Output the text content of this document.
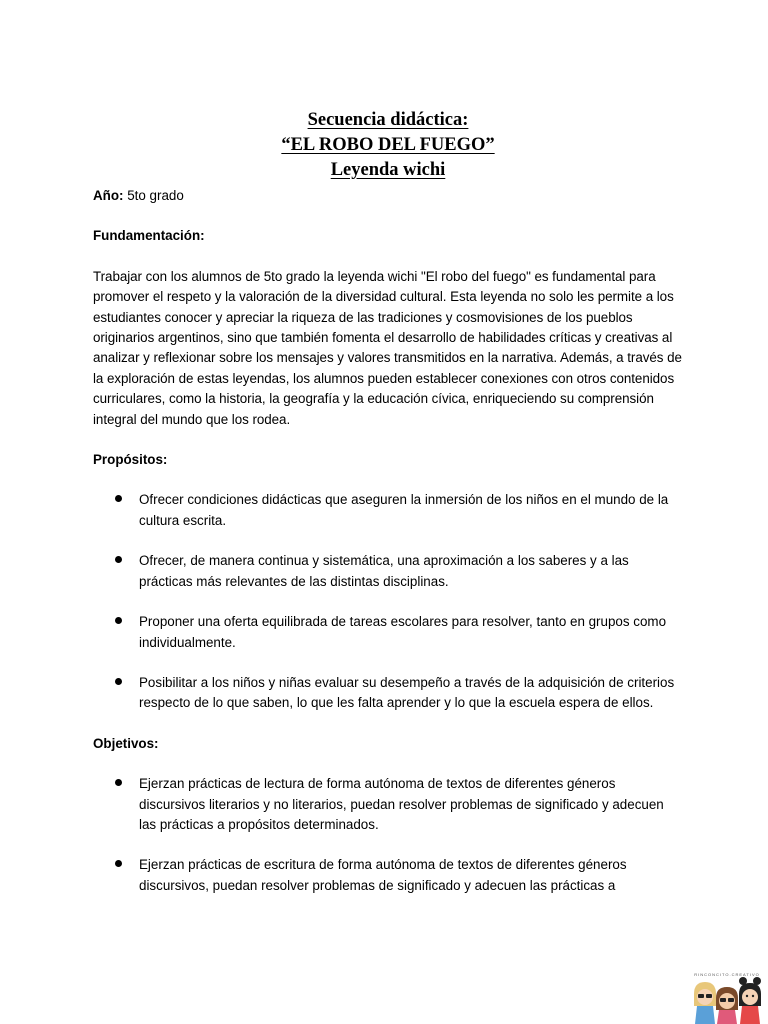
Secuencia didáctica:
“EL ROBO DEL FUEGO”
Leyenda wichi
Año: 5to grado
Fundamentación:
Trabajar con los alumnos de 5to grado la leyenda wichi "El robo del fuego" es fundamental para promover el respeto y la valoración de la diversidad cultural. Esta leyenda no solo les permite a los estudiantes conocer y apreciar la riqueza de las tradiciones y cosmovisiones de los pueblos originarios argentinos, sino que también fomenta el desarrollo de habilidades críticas y creativas al analizar y reflexionar sobre los mensajes y valores transmitidos en la narrativa. Además, a través de la exploración de estas leyendas, los alumnos pueden establecer conexiones con otros contenidos curriculares, como la historia, la geografía y la educación cívica, enriqueciendo su comprensión integral del mundo que los rodea.
Propósitos:
Ofrecer condiciones didácticas que aseguren la inmersión de los niños en el mundo de la cultura escrita.
Ofrecer, de manera continua y sistemática, una aproximación a los saberes y a las prácticas más relevantes de las distintas disciplinas.
Proponer una oferta equilibrada de tareas escolares para resolver, tanto en grupos como individualmente.
Posibilitar a los niños y niñas evaluar su desempeño a través de la adquisición de criterios respecto de lo que saben, lo que les falta aprender y lo que la escuela espera de ellos.
Objetivos:
Ejerzan prácticas de lectura de forma autónoma de textos de diferentes géneros discursivos literarios y no literarios, puedan resolver problemas de significado y adecuen las prácticas a propósitos determinados.
Ejerzan prácticas de escritura de forma autónoma de textos de diferentes géneros discursivos, puedan resolver problemas de significado y adecuen las prácticas a
RINCONCITO.CREATIVO
